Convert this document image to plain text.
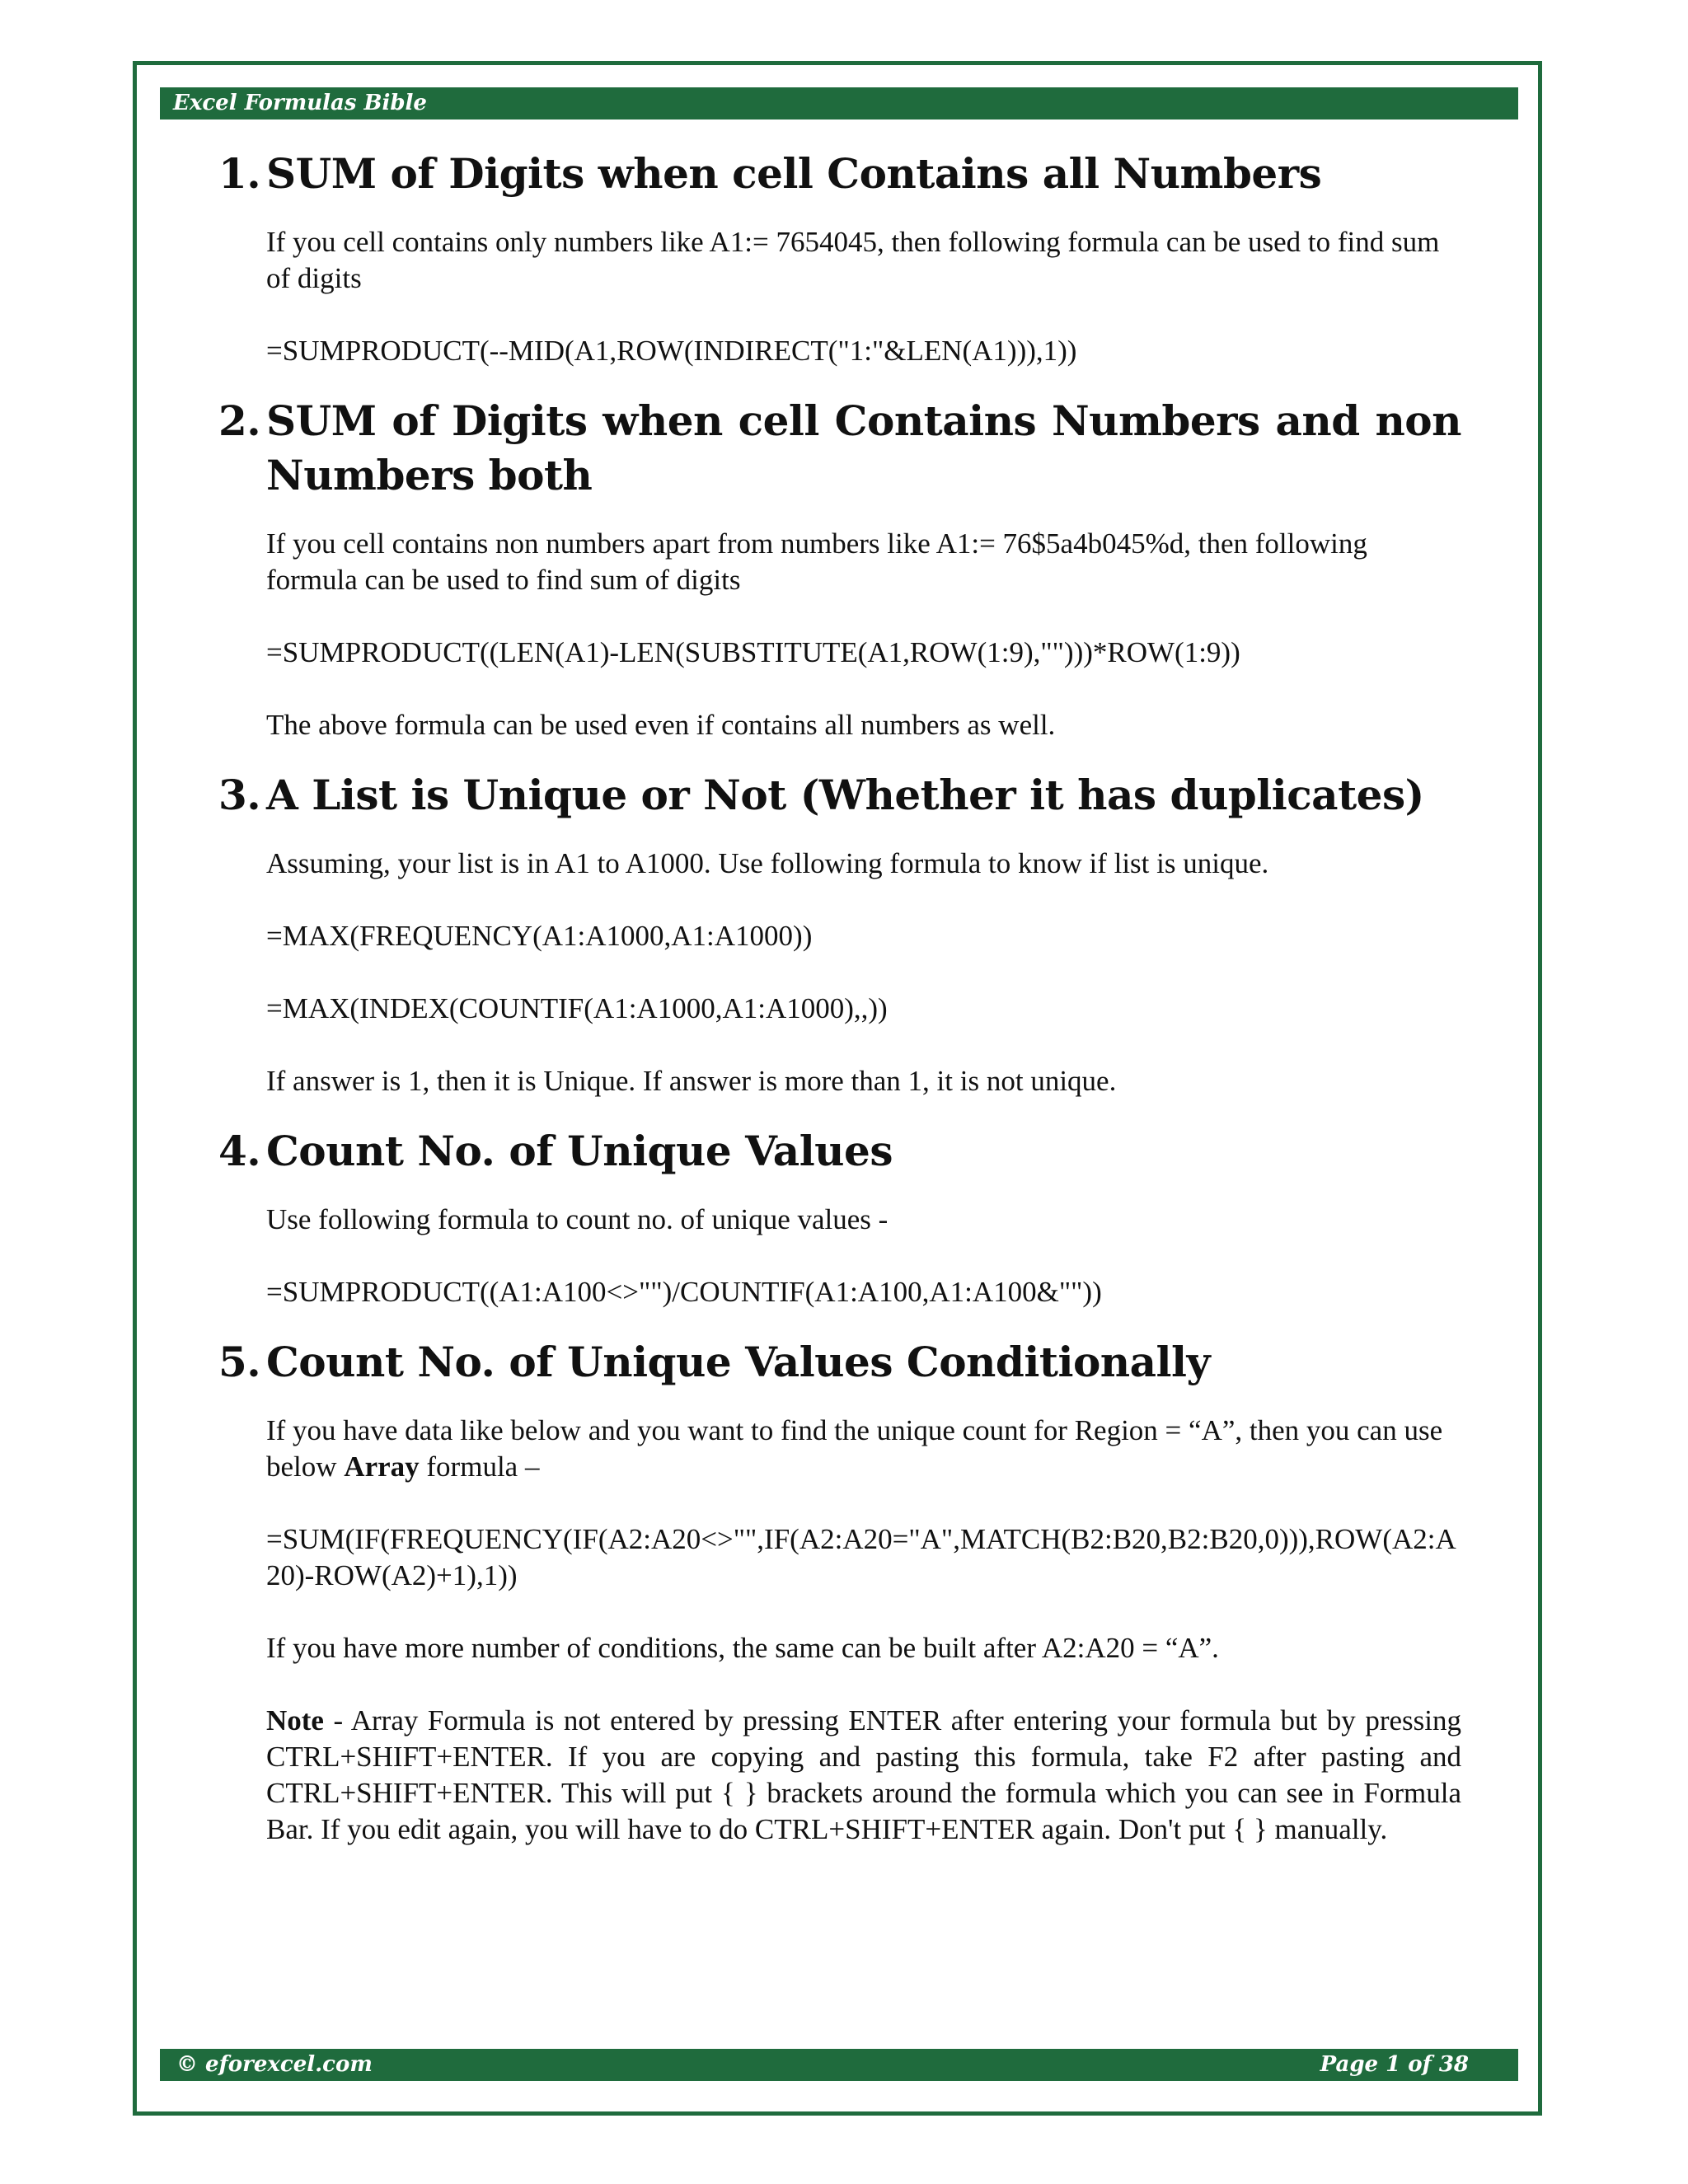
Excel Formulas Bible
1. SUM of Digits when cell Contains all Numbers

If you cell contains only numbers like A1:= 7654045, then following formula can be used to find sum of digits

=SUMPRODUCT(--MID(A1,ROW(INDIRECT("1:"&LEN(A1))),1))

2. SUM of Digits when cell Contains Numbers and non Numbers both

If you cell contains non numbers apart from numbers like A1:= 76$5a4b045%d, then following formula can be used to find sum of digits

=SUMPRODUCT((LEN(A1)-LEN(SUBSTITUTE(A1,ROW(1:9),"")))*ROW(1:9))

The above formula can be used even if contains all numbers as well.

3. A List is Unique or Not (Whether it has duplicates)

Assuming, your list is in A1 to A1000. Use following formula to know if list is unique.

=MAX(FREQUENCY(A1:A1000,A1:A1000))

=MAX(INDEX(COUNTIF(A1:A1000,A1:A1000),,))

If answer is 1, then it is Unique. If answer is more than 1, it is not unique.

4. Count No. of Unique Values

Use following formula to count no. of unique values -

=SUMPRODUCT((A1:A100<>"")/COUNTIF(A1:A100,A1:A100&""))

5. Count No. of Unique Values Conditionally

If you have data like below and you want to find the unique count for Region = “A”, then you can use below Array formula –

=SUM(IF(FREQUENCY(IF(A2:A20<>"",IF(A2:A20="A",MATCH(B2:B20,B2:B20,0))),ROW(A2:A20)-ROW(A2)+1),1))

If you have more number of conditions, the same can be built after A2:A20 = “A”.

Note - Array Formula is not entered by pressing ENTER after entering your formula but by pressing CTRL+SHIFT+ENTER. If you are copying and pasting this formula, take F2 after pasting and CTRL+SHIFT+ENTER. This will put { } brackets around the formula which you can see in Formula Bar. If you edit again, you will have to do CTRL+SHIFT+ENTER again. Don't put { } manually.

© eforexcel.com	Page 1 of 38
